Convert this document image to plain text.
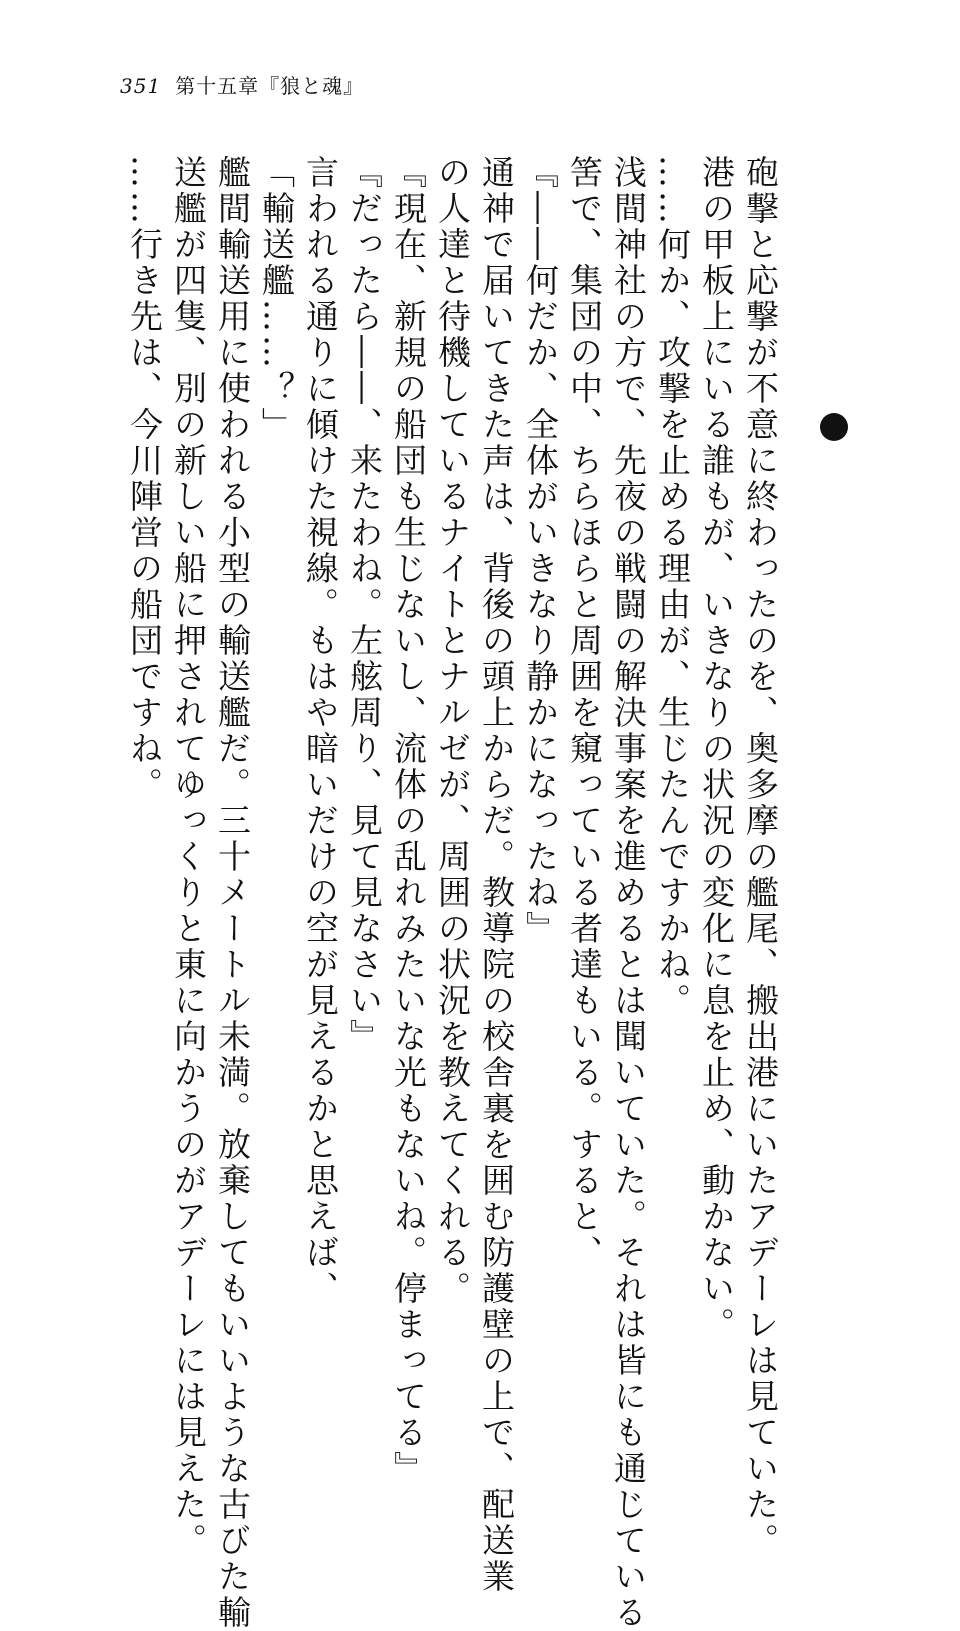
351 第十五章『狼と魂』

砲撃と応撃が不意に終わったのを、奥多摩の艦尾、搬出港にいたアデーレは見ていた。

港の甲板上にいる誰もが、いきなりの状況の変化に息を止め、動かない。

……何か、攻撃を止める理由が、生じたんですかね。

浅間神社の方で、先夜の戦闘の解決事案を進めるとは聞いていた。それは皆にも通じている

筈で、集団の中、ちらほらと周囲を窺っている者達もいる。すると、

『――何だか、全体がいきなり静かになったね』

通神で届いてきた声は、背後の頭上からだ。教導院の校舎裏を囲む防護壁の上で、配送業

の人達と待機しているナイトとナルゼが、周囲の状況を教えてくれる。

『現在、新規の船団も生じないし、流体の乱れみたいな光もないね。停まってる』

『だったら――、来たわね。左舷周り、見て見なさい』

言われる通りに傾けた視線。もはや暗いだけの空が見えるかと思えば、

「輸送艦……？」

艦間輸送用に使われる小型の輸送艦だ。三十メートル未満。放棄してもいいような古びた輸

送艦が四隻、別の新しい船に押されてゆっくりと東に向かうのがアデーレには見えた。

……行き先は、今川陣営の船団ですね。
